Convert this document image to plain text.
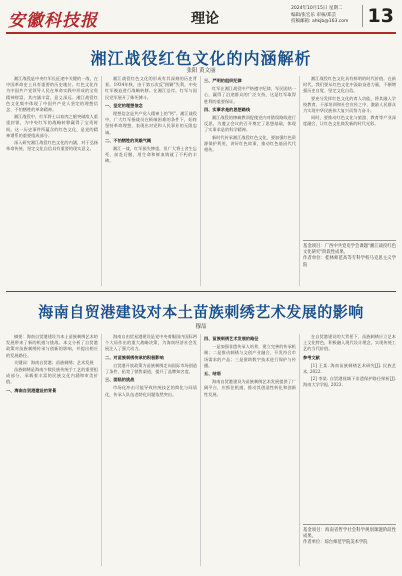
安徽科技报	理论
2024年10月15日 星期二
编辑/张宏乐 审核/郑芸
投稿邮箱: ahkjb@163.com	13
湘江战役红色文化的内涵解析
张阳 黄文丽

湘江战役是中央红军长征途中关键的一战，在中国革命史上具有重要的历史地位。红色文化作为中国共产党领导人民在革命实践中形成的宝贵精神财富，其内涵丰富，意义深远。湘江战役红色文化集中体现了中国共产党人坚定的理想信念、不怕牺牲的革命精神。

湘江战役中，红军将士以血肉之躯突破敌人重重封锁，为中央红军的战略转移赢得了宝贵时间。这一历史事件所蕴含的红色文化，是党的精神谱系的重要组成部分。

深入研究湘江战役红色文化的内涵，对于弘扬革命传统、坚定文化自信具有重要的现实意义。

湘江战役红色文化的形成有其深刻的历史背景。1934年秋，由于第五次反"围剿"失利，中央红军被迫进行战略转移。在湘江沿岸，红军与国民党军展开了殊死搏斗。

一、坚定的理想信念

理想信念是共产党人精神上的"钙"。湘江战役中，广大红军指战员在极端困难的条件下，始终坚持革命理想，表现出对党和人民事业的无限忠诚。

二、不怕牺牲的英雄气概

湘江一战，红军损失惨重，但广大将士舍生忘死、前赴后继，用生命和鲜血铸就了不朽的丰碑。

三、严明的组织纪律

红军在湘江战役中严格遵守纪律，军民团结一心，赢得了沿途群众的广泛支持，这是红军取得胜利的重要保证。

四、实事求是的思想路线

湘江战役的惨痛教训促使党内对错误路线进行反思，为遵义会议的召开奠定了思想基础，体现了实事求是的科学精神。

新时代传承湘江战役红色文化，要加强红色资源保护利用，讲好红色故事，推动红色基因代代相传。

湘江战役红色文化具有鲜明的时代价值。在新时代，我们要从红色文化中汲取奋进力量，不断增强历史自觉、坚定文化自信。

要充分发挥红色文化的育人功能，将其融入学校教育、干部培训和社会宣传之中，激励人民群众为实现中华民族伟大复兴而努力奋斗。

同时，要推动红色文化与旅游、教育等产业深度融合，让红色文化焕发新的时代光彩。

基金项目：广西中共党史学会课题"湘江战役红色文化研究"阶段性成果。
作者单位：桂林师范高等专科学校马克思主义学院
海南自贸港建设对本土苗族刺绣艺术发展的影响
穆喆

摘要：海南自贸港建设为本土苗族刺绣艺术的发展带来了新的机遇与挑战。本文分析了自贸港政策对苗族刺绣传承与创新的影响，并提出相应的发展路径。

关键词：海南自贸港；苗族刺绣；艺术发展

苗族刺绣是海南少数民族传统手工艺的重要组成部分，承载着丰富的民族文化内涵和审美价值。

一、海南自贸港建设的背景

海南自由贸易港建设是党中央着眼国内国际两个大局作出的重大战略决策，为海南经济社会发展注入了强大动力。

二、对苗族刺绣传承的积极影响

自贸港开放政策为苗族刺绣走向国际市场创造了条件，拓宽了销售渠道，提升了品牌知名度。

三、面临的挑战

市场化冲击可能导致传统技艺的简化与同质化，传承人队伍老龄化问题依然突出。

四、苗族刺绣艺术发展的路径

一是加强非遗传承人培养，建立完善的传承机制；二是推动刺绣与文创产业融合，开发符合市场需求的产品；三是借助数字技术进行保护与传播。

五、结语

海南自贸港建设为苗族刺绣艺术发展提供了广阔平台，应抓住机遇，推动其创造性转化和创新性发展。

在自贸港建设的大背景下，苗族刺绣应立足本土文化特色，积极融入现代设计理念，实现传统工艺的当代价值。

参考文献

[1] 王某. 海南苗族刺绣艺术研究[J]. 民族艺术, 2022.

[2] 李某. 自贸港视域下非遗保护路径探析[J]. 海南大学学报, 2023.

基金项目：海南省哲学社会科学规划课题阶段性成果。
作者单位：琼台师范学院美术学院
